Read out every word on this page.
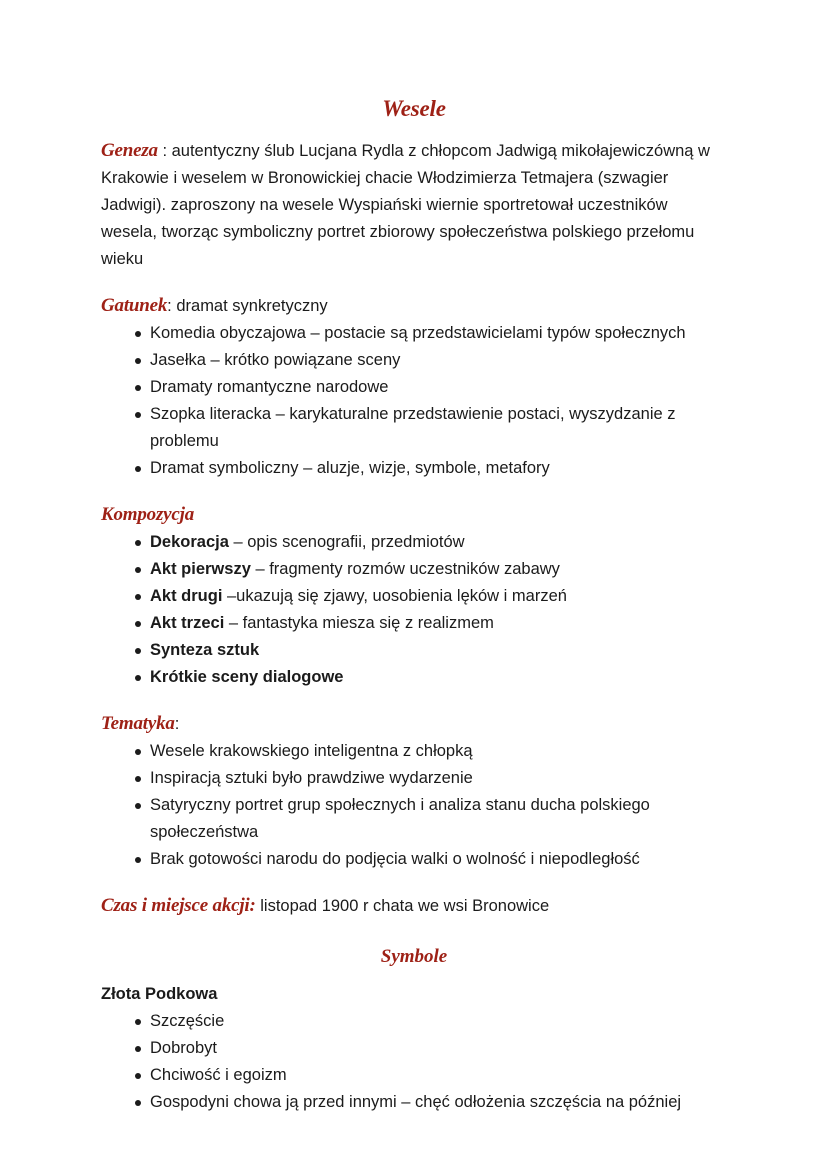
Wesele

Geneza : autentyczny ślub Lucjana Rydla z chłopcom Jadwigą mikołajewiczówną w Krakowie i weselem w Bronowickiej chacie Włodzimierza Tetmajera (szwagier Jadwigi). zaproszony na wesele Wyspiański wiernie sportretował uczestników wesela, tworząc symboliczny portret zbiorowy społeczeństwa polskiego przełomu wieku

Gatunek: dramat synkretyczny

Komedia obyczajowa – postacie są przedstawicielami typów społecznych
Jasełka – krótko powiązane sceny
Dramaty romantyczne narodowe
Szopka literacka – karykaturalne przedstawienie postaci, wyszydzanie z problemu
Dramat symboliczny – aluzje, wizje, symbole, metafory

Kompozycja

Dekoracja – opis scenografii, przedmiotów
Akt pierwszy – fragmenty rozmów uczestników zabawy
Akt drugi –ukazują się zjawy, uosobienia lęków i marzeń
Akt trzeci – fantastyka miesza się z realizmem
Synteza sztuk
Krótkie sceny dialogowe

Tematyka:

Wesele krakowskiego inteligentna z chłopką
Inspiracją sztuki było prawdziwe wydarzenie
Satyryczny portret grup społecznych i analiza stanu ducha polskiego społeczeństwa
Brak gotowości narodu do podjęcia walki o wolność i niepodległość

Czas i miejsce akcji: listopad 1900 r chata we wsi Bronowice

Symbole

Złota Podkowa

Szczęście
Dobrobyt
Chciwość i egoizm
Gospodyni chowa ją przed innymi – chęć odłożenia szczęścia na później
